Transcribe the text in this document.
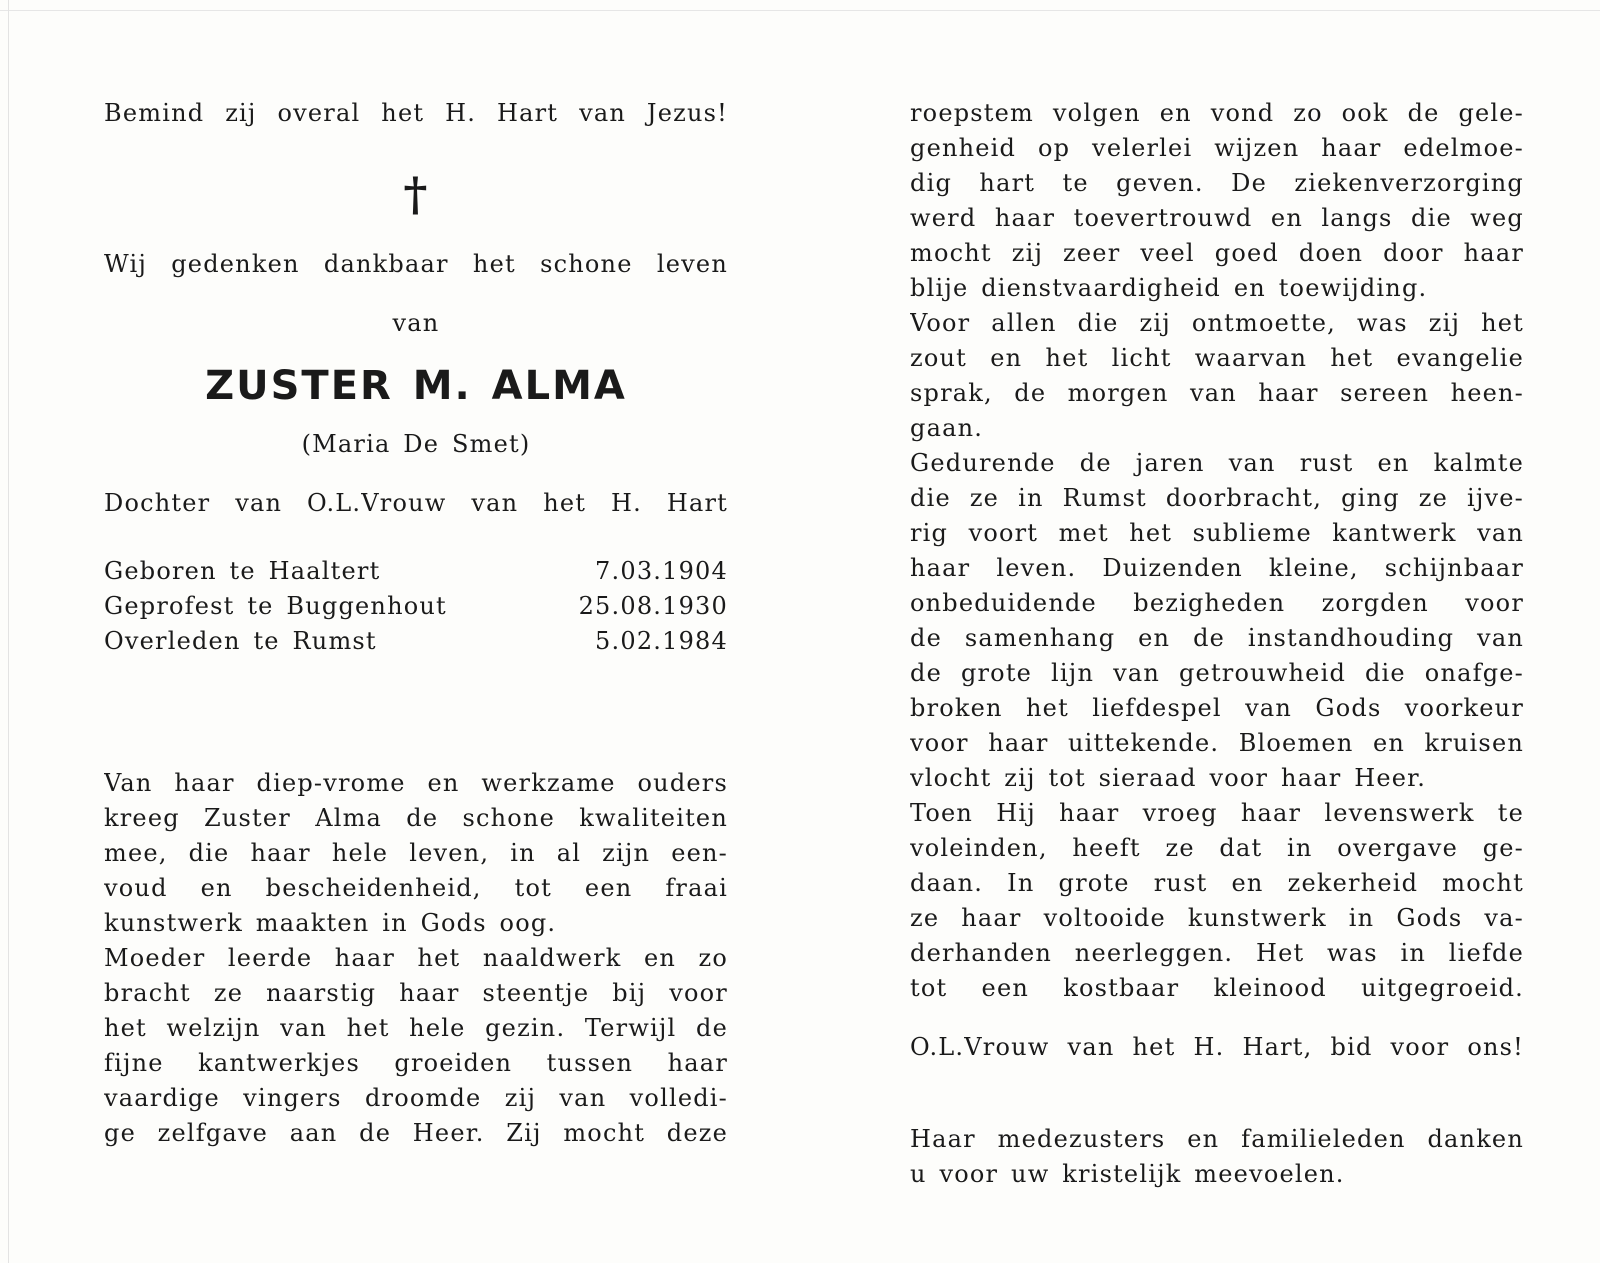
Bemind zij overal het H. Hart van Jezus!
†
Wij gedenken dankbaar het schone leven
van
ZUSTER M. ALMA
(Maria De Smet)
Dochter van O.L.Vrouw van het H. Hart
Geboren te Haaltert	7.03.1904
Geprofest te Buggenhout	25.08.1930
Overleden te Rumst	5.02.1984
Van haar diep-vrome en werkzame ouders
kreeg Zuster Alma de schone kwaliteiten
mee, die haar hele leven, in al zijn een-
voud en bescheidenheid, tot een fraai
kunstwerk maakten in Gods oog.
Moeder leerde haar het naaldwerk en zo
bracht ze naarstig haar steentje bij voor
het welzijn van het hele gezin. Terwijl de
fijne kantwerkjes groeiden tussen haar
vaardige vingers droomde zij van volledi-
ge zelfgave aan de Heer. Zij mocht deze
roepstem volgen en vond zo ook de gele-
genheid op velerlei wijzen haar edelmoe-
dig hart te geven. De ziekenverzorging
werd haar toevertrouwd en langs die weg
mocht zij zeer veel goed doen door haar
blije dienstvaardigheid en toewijding.
Voor allen die zij ontmoette, was zij het
zout en het licht waarvan het evangelie
sprak, de morgen van haar sereen heen-
gaan.
Gedurende de jaren van rust en kalmte
die ze in Rumst doorbracht, ging ze ijve-
rig voort met het sublieme kantwerk van
haar leven. Duizenden kleine, schijnbaar
onbeduidende bezigheden zorgden voor
de samenhang en de instandhouding van
de grote lijn van getrouwheid die onafge-
broken het liefdespel van Gods voorkeur
voor haar uittekende. Bloemen en kruisen
vlocht zij tot sieraad voor haar Heer.
Toen Hij haar vroeg haar levenswerk te
voleinden, heeft ze dat in overgave ge-
daan. In grote rust en zekerheid mocht
ze haar voltooide kunstwerk in Gods va-
derhanden neerleggen. Het was in liefde
tot een kostbaar kleinood uitgegroeid.
O.L.Vrouw van het H. Hart, bid voor ons!
Haar medezusters en familieleden danken
u voor uw kristelijk meevoelen.
